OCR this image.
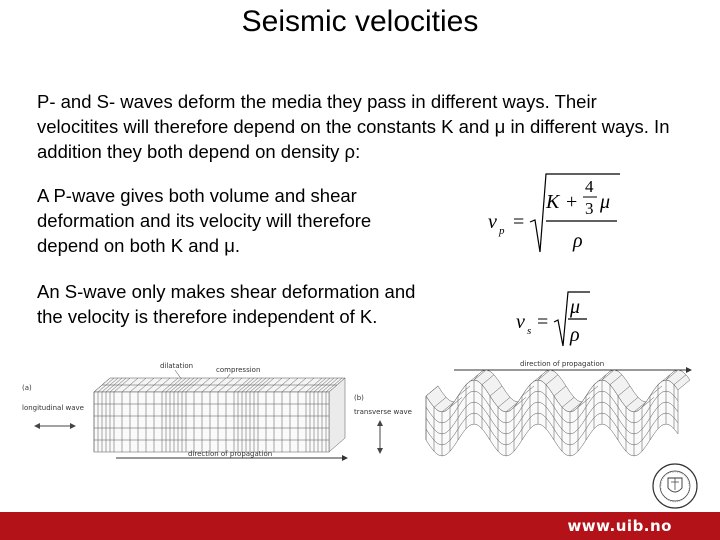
Seismic velocities
P- and S- waves deform the media they pass in different ways. Their velocitites will therefore depend on the constants K and μ in different ways. In addition they both depend on density ρ:
A P-wave gives both volume and shear deformation and its velocity will therefore depend on both K and μ.
An S-wave only makes shear deformation and the velocity is therefore independent of K.
v p =
K +
4
3 μ
ρ
v s =
μ
ρ
(a)
longitudinal wave
dilatation	compression
direction of propagation
(b)
transverse wave
direction of propagation
www.uib.no
